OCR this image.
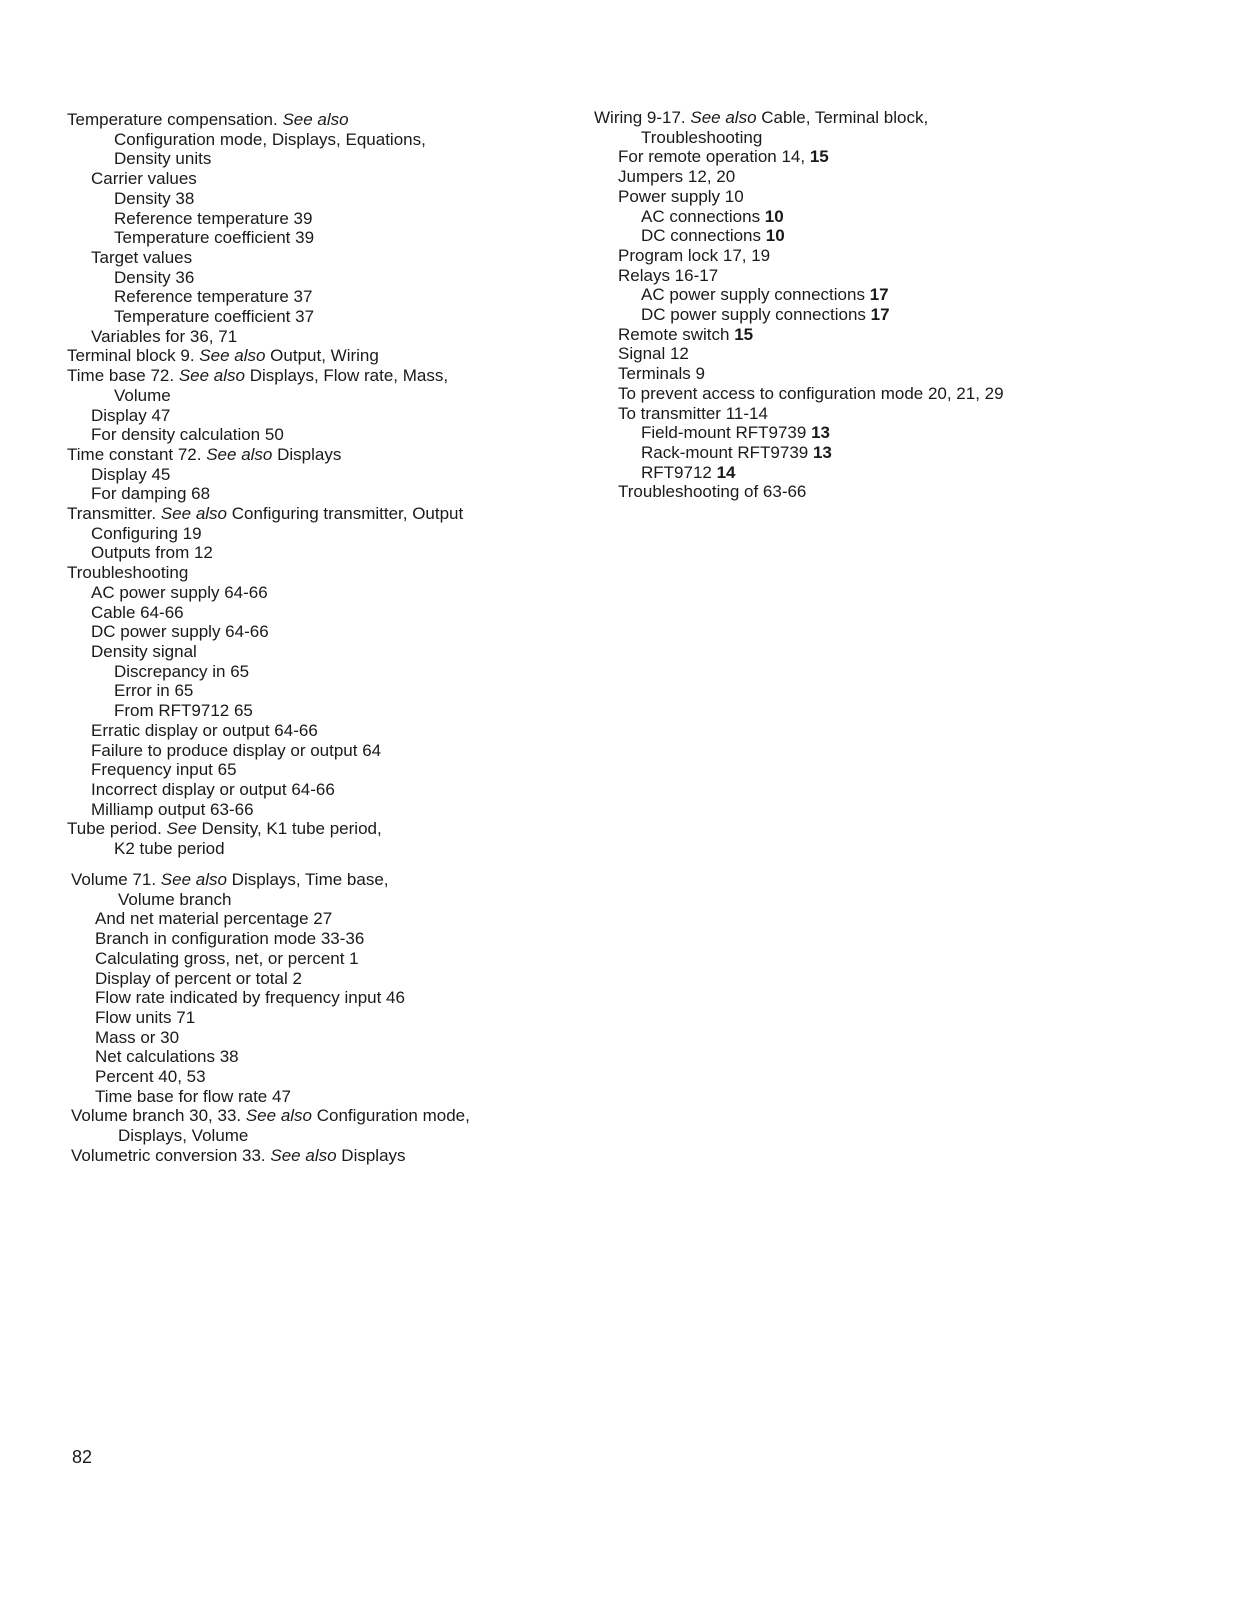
Temperature compensation. See also
Configuration mode, Displays, Equations,
Density units
Carrier values
Density 38
Reference temperature 39
Temperature coefficient 39
Target values
Density 36
Reference temperature 37
Temperature coefficient 37
Variables for 36, 71
Terminal block 9. See also Output, Wiring
Time base 72. See also Displays, Flow rate, Mass,
Volume
Display 47
For density calculation 50
Time constant 72. See also Displays
Display 45
For damping 68
Transmitter. See also Configuring transmitter, Output
Configuring 19
Outputs from 12
Troubleshooting
AC power supply 64-66
Cable 64-66
DC power supply 64-66
Density signal
Discrepancy in 65
Error in 65
From RFT9712 65
Erratic display or output 64-66
Failure to produce display or output 64
Frequency input 65
Incorrect display or output 64-66
Milliamp output 63-66
Tube period. See Density, K1 tube period,
K2 tube period
Volume 71. See also Displays, Time base,
Volume branch
And net material percentage 27
Branch in configuration mode 33-36
Calculating gross, net, or percent 1
Display of percent or total 2
Flow rate indicated by frequency input 46
Flow units 71
Mass or 30
Net calculations 38
Percent 40, 53
Time base for flow rate 47
Volume branch 30, 33. See also Configuration mode,
Displays, Volume
Volumetric conversion 33. See also Displays
Wiring 9-17. See also Cable, Terminal block,
Troubleshooting
For remote operation 14, 15
Jumpers 12, 20
Power supply 10
AC connections 10
DC connections 10
Program lock 17, 19
Relays 16-17
AC power supply connections 17
DC power supply connections 17
Remote switch 15
Signal 12
Terminals 9
To prevent access to configuration mode 20, 21, 29
To transmitter 11-14
Field-mount RFT9739 13
Rack-mount RFT9739 13
RFT9712 14
Troubleshooting of 63-66
82
